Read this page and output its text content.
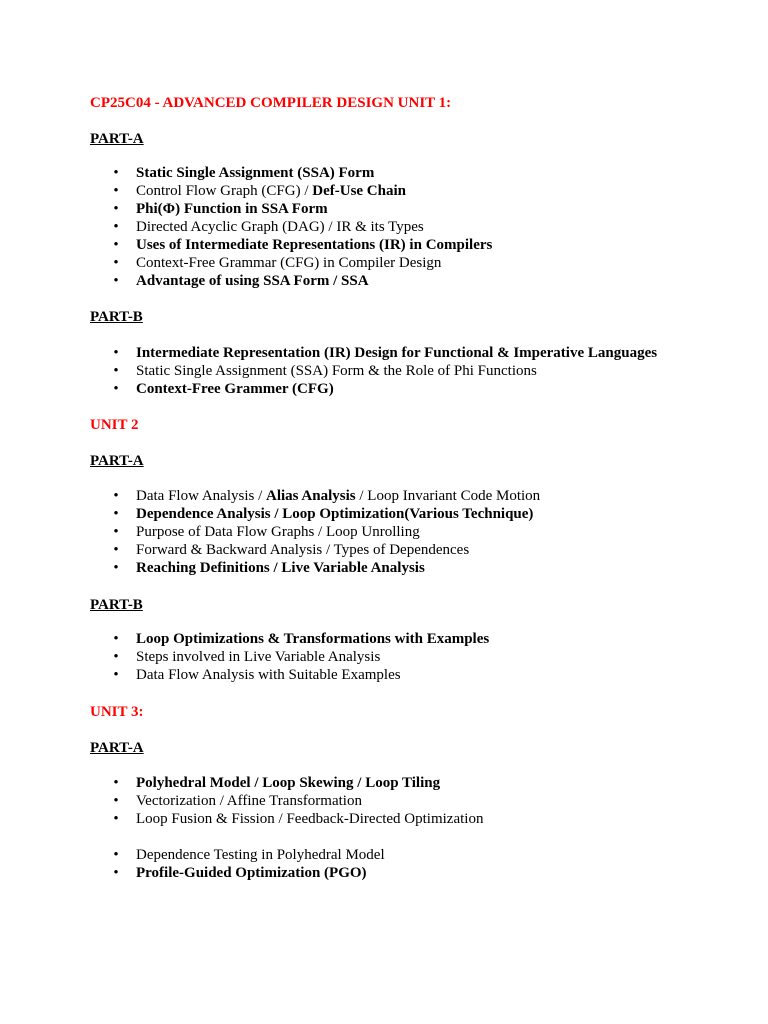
CP25C04 - ADVANCED COMPILER DESIGN UNIT 1:

PART-A

• Static Single Assignment (SSA) Form
• Control Flow Graph (CFG) / Def-Use Chain
• Phi(Φ) Function in SSA Form
• Directed Acyclic Graph (DAG) / IR & its Types
• Uses of Intermediate Representations (IR) in Compilers
• Context-Free Grammar (CFG) in Compiler Design
• Advantage of using SSA Form / SSA

PART-B

• Intermediate Representation (IR) Design for Functional & Imperative Languages
• Static Single Assignment (SSA) Form & the Role of Phi Functions
• Context-Free Grammer (CFG)

UNIT 2

PART-A

• Data Flow Analysis / Alias Analysis / Loop Invariant Code Motion
• Dependence Analysis / Loop Optimization(Various Technique)
• Purpose of Data Flow Graphs / Loop Unrolling
• Forward & Backward Analysis / Types of Dependences
• Reaching Definitions / Live Variable Analysis

PART-B

• Loop Optimizations & Transformations with Examples
• Steps involved in Live Variable Analysis
• Data Flow Analysis with Suitable Examples

UNIT 3:

PART-A

• Polyhedral Model / Loop Skewing / Loop Tiling
• Vectorization / Affine Transformation
• Loop Fusion & Fission / Feedback-Directed Optimization
• Dependence Testing in Polyhedral Model
• Profile-Guided Optimization (PGO)
